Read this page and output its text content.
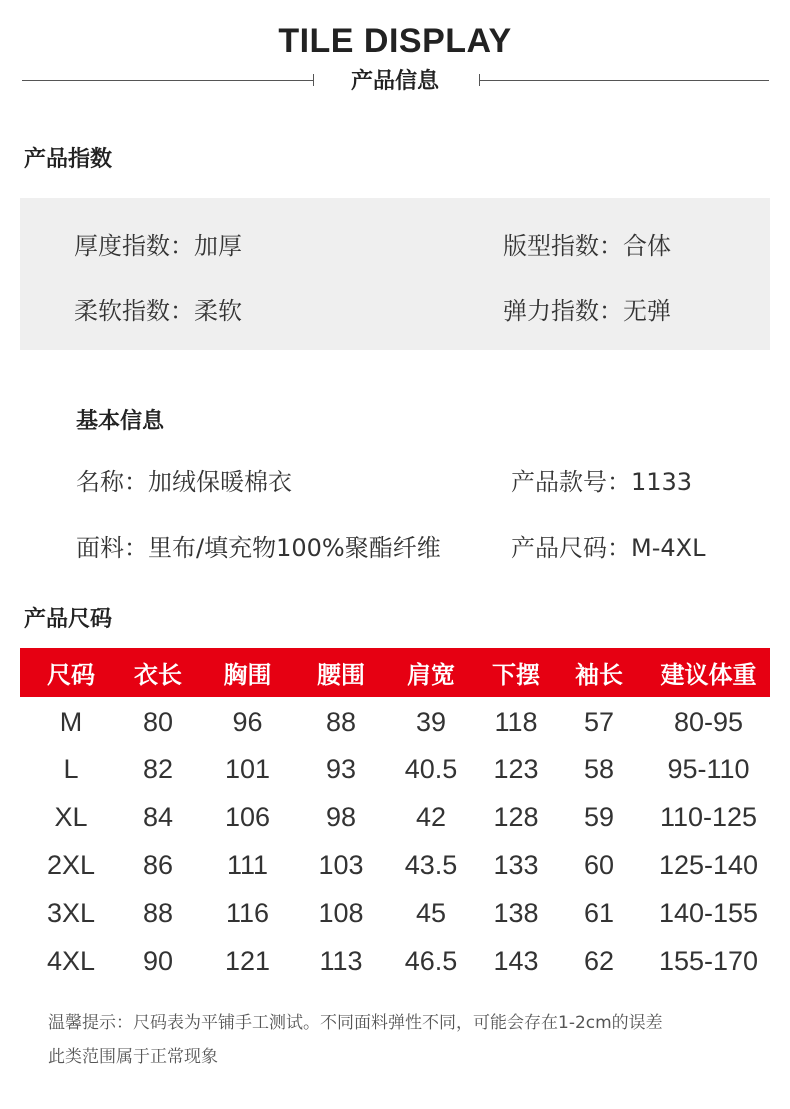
TILE DISPLAY
产品信息
产品指数
厚度指数：加厚	版型指数：合体
柔软指数：柔软	弹力指数：无弹
基本信息
名称：加绒保暖棉衣	产品款号：1133
面料：里布/填充物100%聚酯纤维	产品尺码：M-4XL
产品尺码
尺码	衣长	胸围	腰围	肩宽	下摆	袖长	建议体重
M	80	96	88	39	118	57	80-95
L	82	101	93	40.5	123	58	95-110
XL	84	106	98	42	128	59	110-125
2XL	86	111	103	43.5	133	60	125-140
3XL	88	116	108	45	138	61	140-155
4XL	90	121	113	46.5	143	62	155-170
温馨提示：尺码表为平铺手工测试。不同面料弹性不同，可能会存在1-2cm的误差
此类范围属于正常现象
